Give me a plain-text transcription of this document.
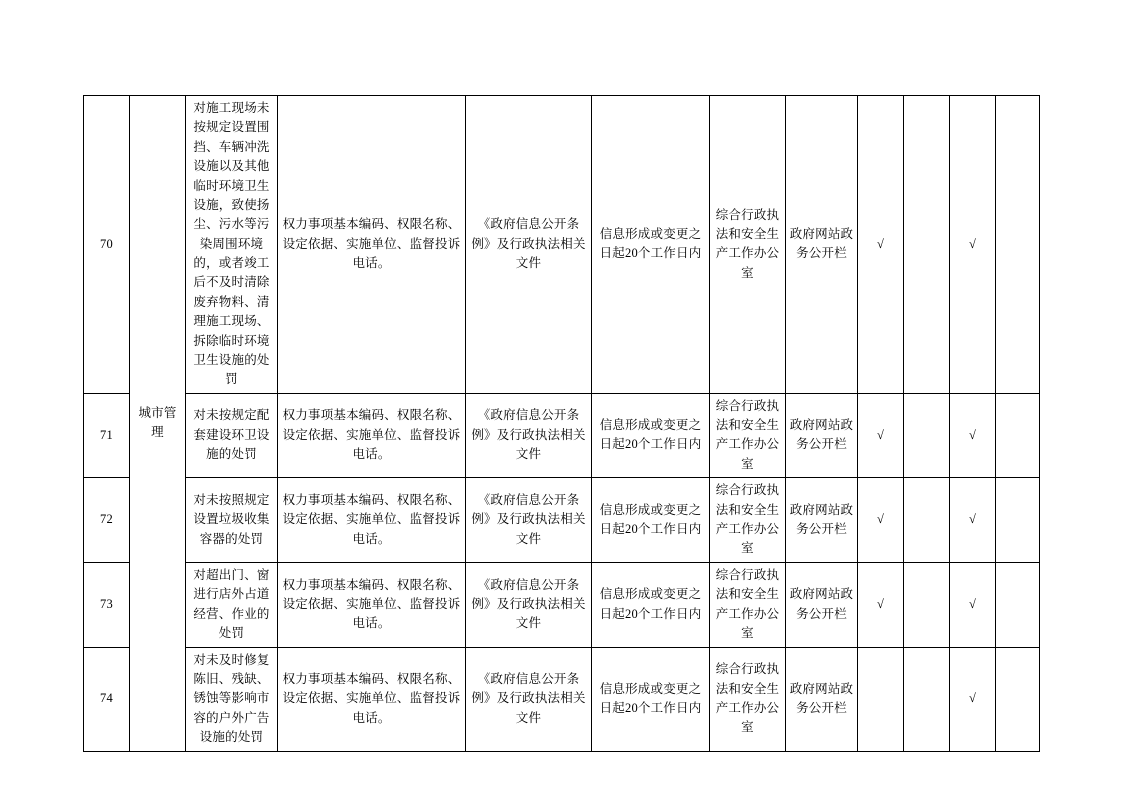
70	城市管理	对施工现场未按规定设置围挡、车辆冲洗设施以及其他临时环境卫生设施，致使扬尘、污水等污染周围环境的，或者竣工后不及时清除废弃物料、清理施工现场、拆除临时环境卫生设施的处罚	权力事项基本编码、权限名称、设定依据、实施单位、监督投诉电话。	《政府信息公开条例》及行政执法相关文件	信息形成或变更之日起20个工作日内	综合行政执法和安全生产工作办公室	政府网站政务公开栏	√		√	
71		对未按规定配套建设环卫设施的处罚	权力事项基本编码、权限名称、设定依据、实施单位、监督投诉电话。	《政府信息公开条例》及行政执法相关文件	信息形成或变更之日起20个工作日内	综合行政执法和安全生产工作办公室	政府网站政务公开栏	√		√	
72		对未按照规定设置垃圾收集容器的处罚	权力事项基本编码、权限名称、设定依据、实施单位、监督投诉电话。	《政府信息公开条例》及行政执法相关文件	信息形成或变更之日起20个工作日内	综合行政执法和安全生产工作办公室	政府网站政务公开栏	√		√	
73		对超出门、窗进行店外占道经营、作业的处罚	权力事项基本编码、权限名称、设定依据、实施单位、监督投诉电话。	《政府信息公开条例》及行政执法相关文件	信息形成或变更之日起20个工作日内	综合行政执法和安全生产工作办公室	政府网站政务公开栏	√		√	
74		对未及时修复陈旧、残缺、锈蚀等影响市容的户外广告设施的处罚	权力事项基本编码、权限名称、设定依据、实施单位、监督投诉电话。	《政府信息公开条例》及行政执法相关文件	信息形成或变更之日起20个工作日内	综合行政执法和安全生产工作办公室	政府网站政务公开栏			√	
